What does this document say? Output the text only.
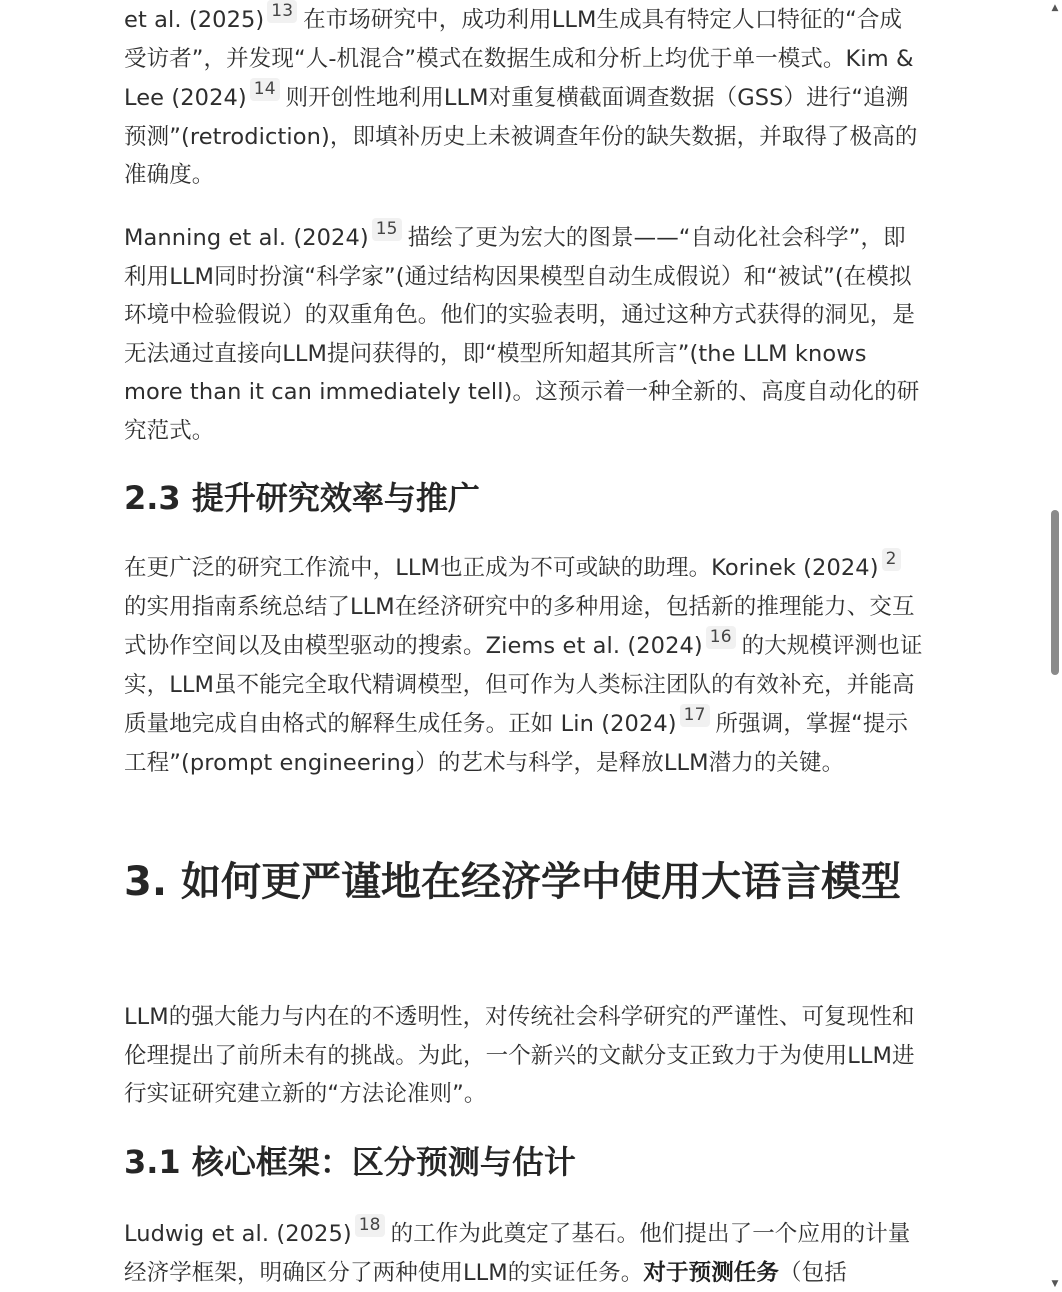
et al. (2025) $^{13}$ 在市场研究中，成功利用LLM生成具有特定人口特征的“合成受访者”，并发现“人-机混合”模式在数据生成和分析上均优于单一模式。Kim & Lee (2024) $^{14}$ 则开创性地利用LLM对重复横截面调查数据（GSS）进行“追溯预测”(retrodiction)，即填补历史上未被调查年份的缺失数据，并取得了极高的准确度。

Manning et al. (2024) $^{15}$ 描绘了更为宏大的图景——“自动化社会科学”，即利用LLM同时扮演“科学家”(通过结构因果模型自动生成假说）和“被试”(在模拟环境中检验假说）的双重角色。他们的实验表明，通过这种方式获得的洞见，是无法通过直接向LLM提问获得的，即“模型所知超其所言”(the LLM knows more than it can immediately tell)。这预示着一种全新的、高度自动化的研究范式。

2.3 提升研究效率与推广

在更广泛的研究工作流中，LLM也正成为不可或缺的助理。Korinek (2024) $^2$的实用指南系统总结了LLM在经济研究中的多种用途，包括新的推理能力、交互式协作空间以及由模型驱动的搜索。Ziems et al. (2024) $^{16}$ 的大规模评测也证实，LLM虽不能完全取代精调模型，但可作为人类标注团队的有效补充，并能高质量地完成自由格式的解释生成任务。正如 Lin (2024) $^{17}$ 所强调，掌握“提示工程”(prompt engineering）的艺术与科学，是释放LLM潜力的关键。

3. 如何更严谨地在经济学中使用大语言模型

LLM的强大能力与内在的不透明性，对传统社会科学研究的严谨性、可复现性和伦理提出了前所未有的挑战。为此，一个新兴的文献分支正致力于为使用LLM进行实证研究建立新的“方法论准则”。

3.1 核心框架：区分预测与估计

Ludwig et al. (2025) $^{18}$ 的工作为此奠定了基石。他们提出了一个应用的计量经济学框架，明确区分了两种使用LLM的实证任务。对于预测任务（包括

▲
▼
